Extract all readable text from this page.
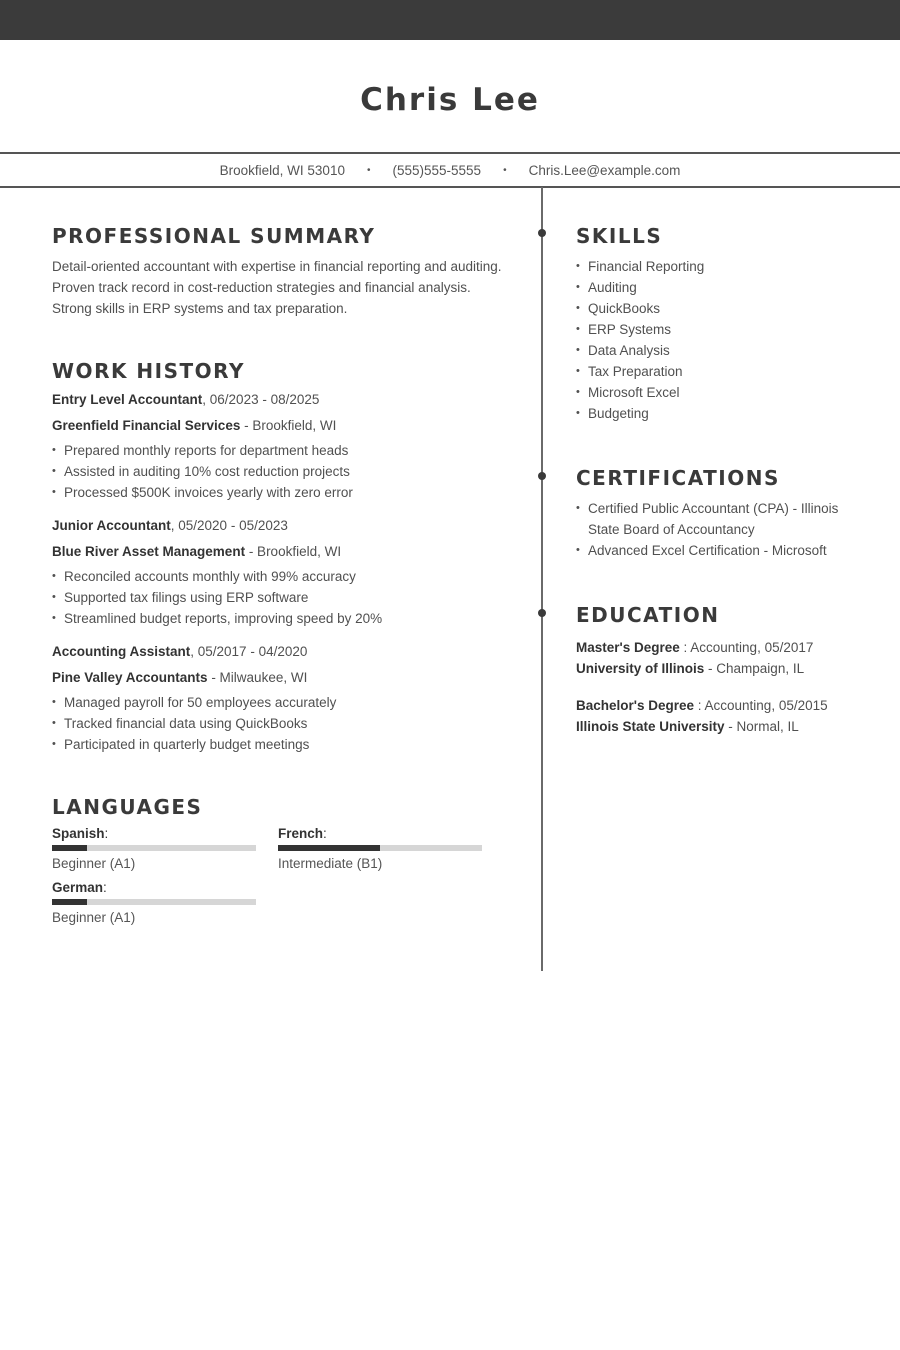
Chris Lee
Brookfield, WI 53010 • (555)555-5555 • Chris.Lee@example.com
PROFESSIONAL SUMMARY

Detail-oriented accountant with expertise in financial reporting and auditing. Proven track record in cost-reduction strategies and financial analysis. Strong skills in ERP systems and tax preparation.

WORK HISTORY
Entry Level Accountant, 06/2023 - 08/2025
Greenfield Financial Services - Brookfield, WI
• Prepared monthly reports for department heads
• Assisted in auditing 10% cost reduction projects
• Processed $500K invoices yearly with zero error
Junior Accountant, 05/2020 - 05/2023
Blue River Asset Management - Brookfield, WI
• Reconciled accounts monthly with 99% accuracy
• Supported tax filings using ERP software
• Streamlined budget reports, improving speed by 20%
Accounting Assistant, 05/2017 - 04/2020
Pine Valley Accountants - Milwaukee, WI
• Managed payroll for 50 employees accurately
• Tracked financial data using QuickBooks
• Participated in quarterly budget meetings
LANGUAGES
Spanish:
Beginner (A1)
French:
Intermediate (B1)
German:
Beginner (A1)
SKILLS
• Financial Reporting
• Auditing
• QuickBooks
• ERP Systems
• Data Analysis
• Tax Preparation
• Microsoft Excel
• Budgeting
CERTIFICATIONS
• Certified Public Accountant (CPA) - Illinois State Board of Accountancy
• Advanced Excel Certification - Microsoft
EDUCATION
Master's Degree : Accounting, 05/2017
University of Illinois - Champaign, IL
Bachelor's Degree : Accounting, 05/2015
Illinois State University - Normal, IL
